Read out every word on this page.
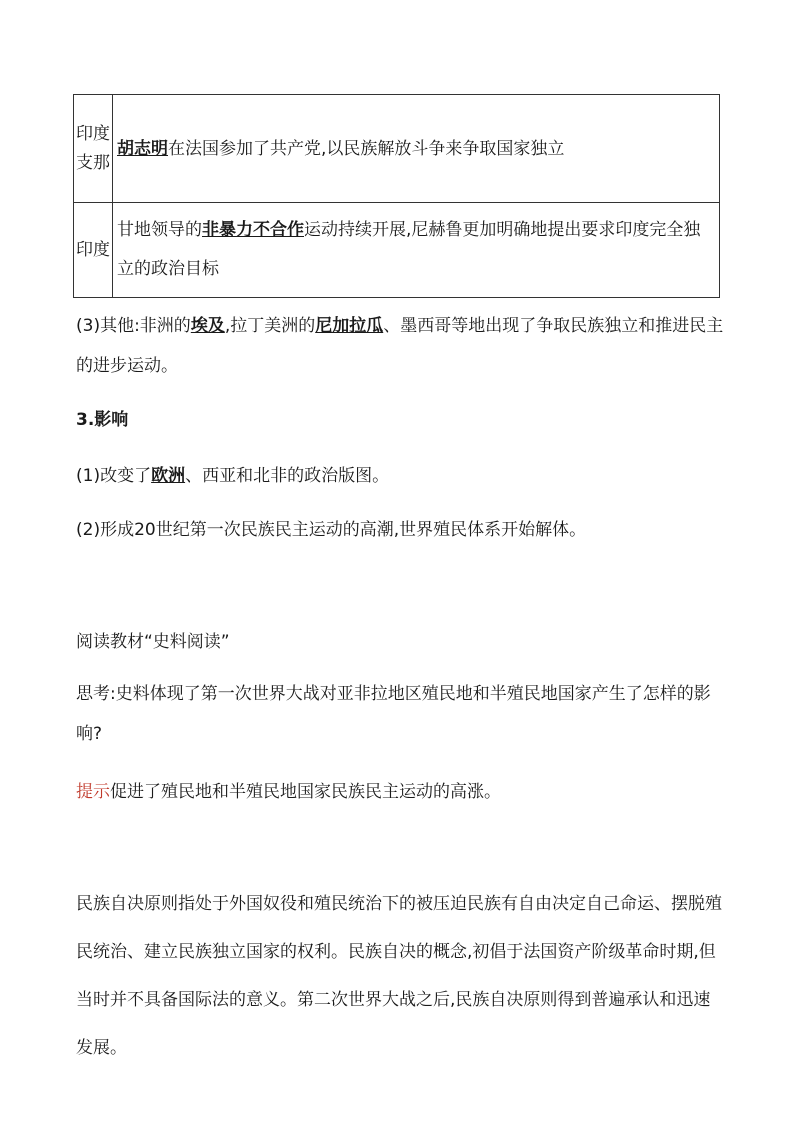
印度
支那	胡志明在法国参加了共产党,以民族解放斗争来争取国家独立
印度	甘地领导的非暴力不合作运动持续开展,尼赫鲁更加明确地提出要求印度完全独立的政治目标

(3)其他:非洲的埃及,拉丁美洲的尼加拉瓜、墨西哥等地出现了争取民族独立和推进民主的进步运动。

3.影响

(1)改变了欧洲、西亚和北非的政治版图。

(2)形成20世纪第一次民族民主运动的高潮,世界殖民体系开始解体。

阅读教材“史料阅读”

思考:史料体现了第一次世界大战对亚非拉地区殖民地和半殖民地国家产生了怎样的影响?

提示促进了殖民地和半殖民地国家民族民主运动的高涨。

民族自决原则指处于外国奴役和殖民统治下的被压迫民族有自由决定自己命运、摆脱殖民统治、建立民族独立国家的权利。民族自决的概念,初倡于法国资产阶级革命时期,但当时并不具备国际法的意义。第二次世界大战之后,民族自决原则得到普遍承认和迅速发展。
